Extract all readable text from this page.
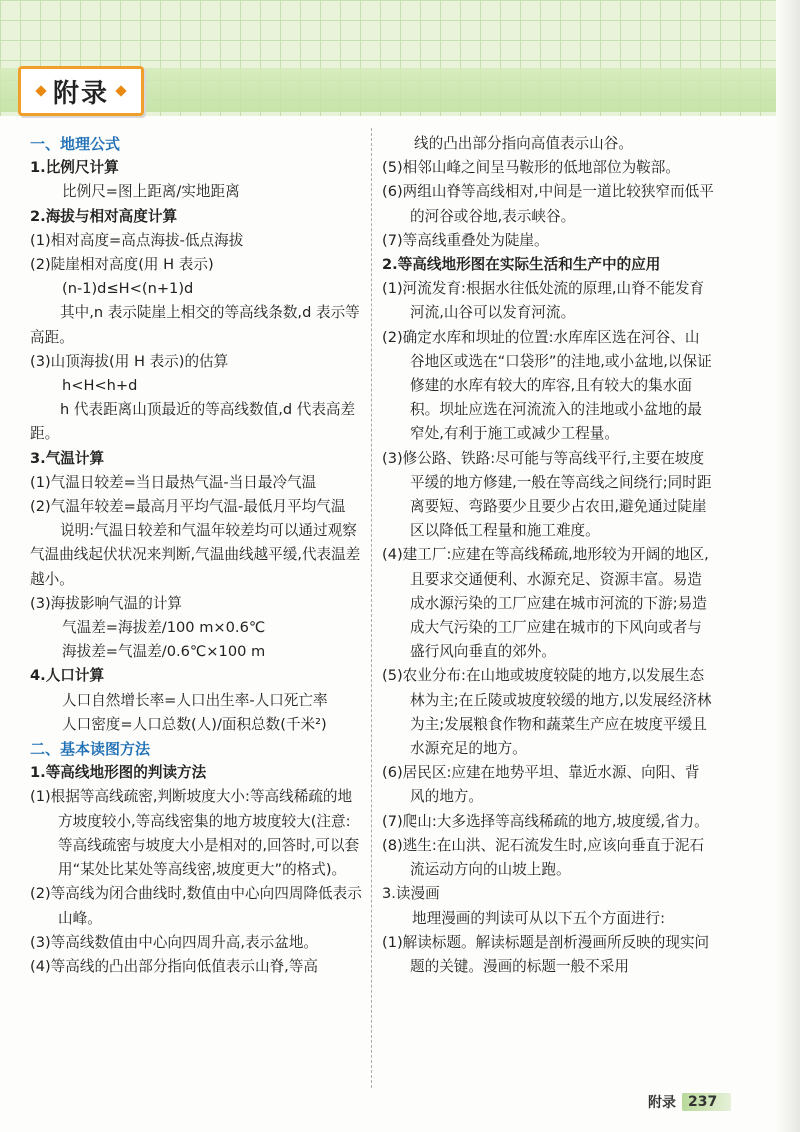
附录
一、地理公式
1.比例尺计算
比例尺=图上距离/实地距离
2.海拔与相对高度计算
(1)相对高度=高点海拔-低点海拔
(2)陡崖相对高度(用 H 表示)
(n-1)d≤H<(n+1)d
其中,n 表示陡崖上相交的等高线条数,d 表示等高距。
(3)山顶海拔(用 H 表示)的估算
h<H<h+d
h 代表距离山顶最近的等高线数值,d 代表高差距。
3.气温计算
(1)气温日较差=当日最热气温-当日最冷气温
(2)气温年较差=最高月平均气温-最低月平均气温
说明:气温日较差和气温年较差均可以通过观察气温曲线起伏状况来判断,气温曲线越平缓,代表温差越小。
(3)海拔影响气温的计算
气温差=海拔差/100 m×0.6℃
海拔差=气温差/0.6℃×100 m
4.人口计算
人口自然增长率=人口出生率-人口死亡率
人口密度=人口总数(人)/面积总数(千米²)
二、基本读图方法
1.等高线地形图的判读方法
(1)根据等高线疏密,判断坡度大小:等高线稀疏的地方坡度较小,等高线密集的地方坡度较大(注意:等高线疏密与坡度大小是相对的,回答时,可以套用“某处比某处等高线密,坡度更大”的格式)。
(2)等高线为闭合曲线时,数值由中心向四周降低表示山峰。
(3)等高线数值由中心向四周升高,表示盆地。
(4)等高线的凸出部分指向低值表示山脊,等高
线的凸出部分指向高值表示山谷。
(5)相邻山峰之间呈马鞍形的低地部位为鞍部。
(6)两组山脊等高线相对,中间是一道比较狭窄而低平的河谷或谷地,表示峡谷。
(7)等高线重叠处为陡崖。
2.等高线地形图在实际生活和生产中的应用
(1)河流发育:根据水往低处流的原理,山脊不能发育河流,山谷可以发育河流。
(2)确定水库和坝址的位置:水库库区选在河谷、山谷地区或选在“口袋形”的洼地,或小盆地,以保证修建的水库有较大的库容,且有较大的集水面积。坝址应选在河流流入的洼地或小盆地的最窄处,有利于施工或减少工程量。
(3)修公路、铁路:尽可能与等高线平行,主要在坡度平缓的地方修建,一般在等高线之间绕行;同时距离要短、弯路要少且要少占农田,避免通过陡崖区以降低工程量和施工难度。
(4)建工厂:应建在等高线稀疏,地形较为开阔的地区,且要求交通便利、水源充足、资源丰富。易造成水源污染的工厂应建在城市河流的下游;易造成大气污染的工厂应建在城市的下风向或者与盛行风向垂直的郊外。
(5)农业分布:在山地或坡度较陡的地方,以发展生态林为主;在丘陵或坡度较缓的地方,以发展经济林为主;发展粮食作物和蔬菜生产应在坡度平缓且水源充足的地方。
(6)居民区:应建在地势平坦、靠近水源、向阳、背风的地方。
(7)爬山:大多选择等高线稀疏的地方,坡度缓,省力。
(8)逃生:在山洪、泥石流发生时,应该向垂直于泥石流运动方向的山坡上跑。
3.读漫画
地理漫画的判读可从以下五个方面进行:
(1)解读标题。解读标题是剖析漫画所反映的现实问题的关键。漫画的标题一般不采用
附录 237
